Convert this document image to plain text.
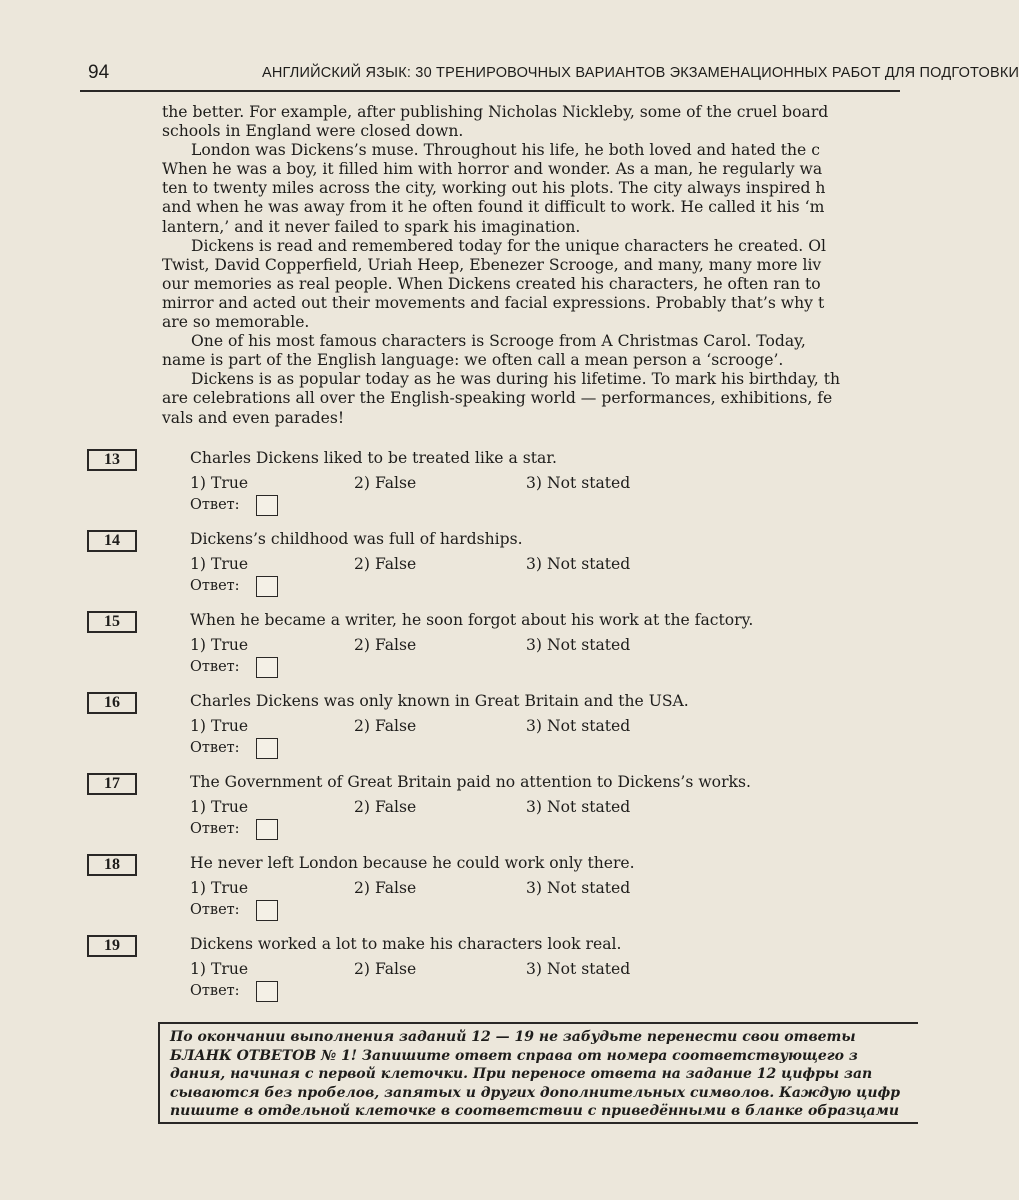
94	АНГЛИЙСКИЙ ЯЗЫК: 30 ТРЕНИРОВОЧНЫХ ВАРИАНТОВ ЭКЗАМЕНАЦИОННЫХ РАБОТ ДЛЯ ПОДГОТОВКИ
the better. For example, after publishing Nicholas Nickleby, some of the cruel board
schools in England were closed down.
London was Dickens’s muse. Throughout his life, he both loved and hated the c
When he was a boy, it filled him with horror and wonder. As a man, he regularly wa
ten to twenty miles across the city, working out his plots. The city always inspired h
and when he was away from it he often found it difficult to work. He called it his ‘m
lantern,’ and it never failed to spark his imagination.
Dickens is read and remembered today for the unique characters he created. Ol
Twist, David Copperfield, Uriah Heep, Ebenezer Scrooge, and many, many more liv
our memories as real people. When Dickens created his characters, he often ran to
mirror and acted out their movements and facial expressions. Probably that’s why t
are so memorable.
One of his most famous characters is Scrooge from A Christmas Carol. Today,
name is part of the English language: we often call a mean person a ‘scrooge’.
Dickens is as popular today as he was during his lifetime. To mark his birthday, th
are celebrations all over the English-speaking world — performances, exhibitions, fe
vals and even parades!
13	Charles Dickens liked to be treated like a star.
1) True	2) False	3) Not stated
Ответ:
14	Dickens’s childhood was full of hardships.
1) True	2) False	3) Not stated
Ответ:
15	When he became a writer, he soon forgot about his work at the factory.
1) True	2) False	3) Not stated
Ответ:
16	Charles Dickens was only known in Great Britain and the USA.
1) True	2) False	3) Not stated
Ответ:
17	The Government of Great Britain paid no attention to Dickens’s works.
1) True	2) False	3) Not stated
Ответ:
18	He never left London because he could work only there.
1) True	2) False	3) Not stated
Ответ:
19	Dickens worked a lot to make his characters look real.
1) True	2) False	3) Not stated
Ответ:
По окончании выполнения заданий 12 — 19 не забудьте перенести свои ответы
БЛАНК ОТВЕТОВ № 1! Запишите ответ справа от номера соответствующего з
дания, начиная с первой клеточки. При переносе ответа на задание 12 цифры зап
сываются без пробелов, запятых и других дополнительных символов. Каждую цифр
пишите в отдельной клеточке в соответствии с приведёнными в бланке образцами
